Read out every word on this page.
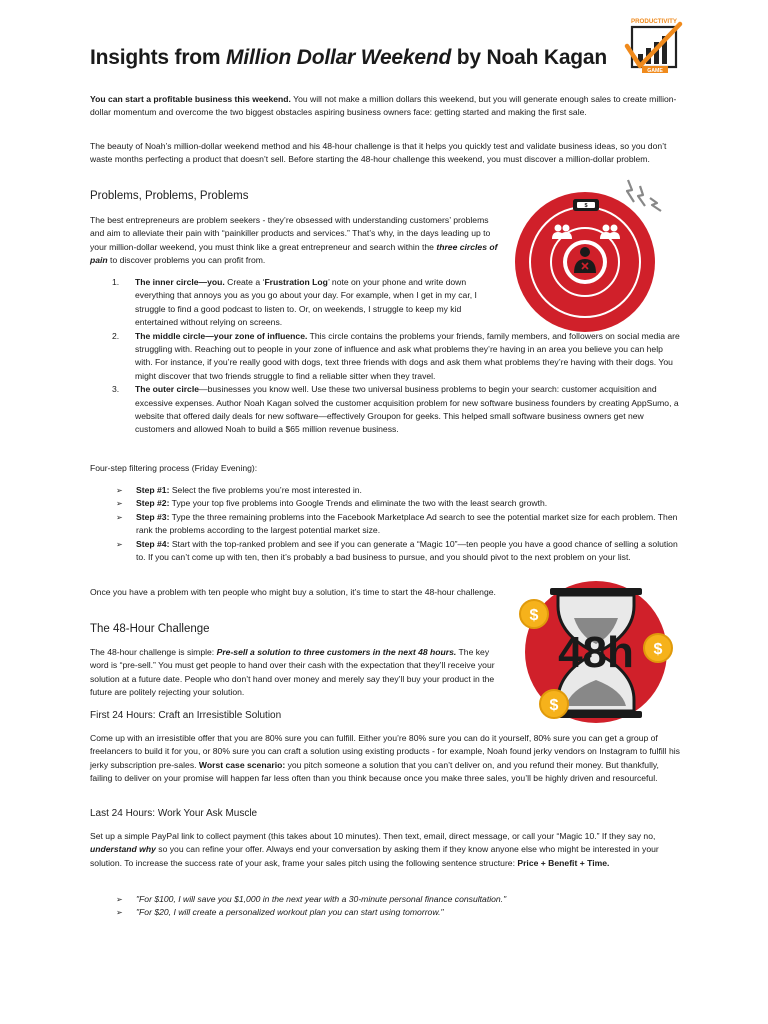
Insights from Million Dollar Weekend by Noah Kagan
PRODUCTIVITY
GAME
You can start a profitable business this weekend. You will not make a million dollars this weekend, but you will generate enough sales to create million-dollar momentum and overcome the two biggest obstacles aspiring business owners face: getting started and making the first sale.
The beauty of Noah’s million-dollar weekend method and his 48-hour challenge is that it helps you quickly test and validate business ideas, so you don’t waste months perfecting a product that doesn’t sell. Before starting the 48-hour challenge this weekend, you must discover a million-dollar problem.
Problems, Problems, Problems
The best entrepreneurs are problem seekers - they’re obsessed with understanding customers’ problems and aim to alleviate their pain with “painkiller products and services.” That’s why, in the days leading up to your million-dollar weekend, you must think like a great entrepreneur and search within the three circles of pain to discover problems you can profit from.
$
1. The inner circle—you. Create a ‘Frustration Log’ note on your phone and write down everything that annoys you as you go about your day. For example, when I get in my car, I struggle to find a good podcast to listen to. Or, on weekends, I struggle to keep my kid entertained without relying on screens.
2. The middle circle—your zone of influence. This circle contains the problems your friends, family members, and followers on social media are struggling with. Reaching out to people in your zone of influence and ask what problems they’re having in an area you believe you can help with. For instance, if you’re really good with dogs, text three friends with dogs and ask them what problems they’re having with their dogs. You might discover that two friends struggle to find a reliable sitter when they travel.
3. The outer circle—businesses you know well. Use these two universal business problems to begin your search: customer acquisition and excessive expenses. Author Noah Kagan solved the customer acquisition problem for new software business founders by creating AppSumo, a website that offered daily deals for new software—effectively Groupon for geeks. This helped small software business owners get new customers and allowed Noah to build a $65 million revenue business.
Four-step filtering process (Friday Evening):
➢ Step #1: Select the five problems you’re most interested in.
➢ Step #2: Type your top five problems into Google Trends and eliminate the two with the least search growth.
➢ Step #3: Type the three remaining problems into the Facebook Marketplace Ad search to see the potential market size for each problem. Then rank the problems according to the largest potential market size.
➢ Step #4: Start with the top-ranked problem and see if you can generate a “Magic 10”—ten people you have a good chance of selling a solution to. If you can’t come up with ten, then it’s probably a bad business to pursue, and you should pivot to the next problem on your list.
Once you have a problem with ten people who might buy a solution, it’s time to start the 48-hour challenge.
The 48-Hour Challenge
The 48-hour challenge is simple: Pre-sell a solution to three customers in the next 48 hours. The key word is “pre-sell.” You must get people to hand over their cash with the expectation that they’ll receive your solution at a future date. People who don’t hand over money and merely say they’ll buy your product in the future are politely rejecting your solution.
48h
$
$
$
First 24 Hours: Craft an Irresistible Solution
Come up with an irresistible offer that you are 80% sure you can fulfill. Either you’re 80% sure you can do it yourself, 80% sure you can get a group of freelancers to build it for you, or 80% sure you can craft a solution using existing products - for example, Noah found jerky vendors on Instagram to fulfill his jerky subscription pre-sales. Worst case scenario: you pitch someone a solution that you can’t deliver on, and you refund their money. But thankfully, failing to deliver on your promise will happen far less often than you think because once you make three sales, you’ll be highly driven and resourceful.
Last 24 Hours: Work Your Ask Muscle
Set up a simple PayPal link to collect payment (this takes about 10 minutes). Then text, email, direct message, or call your “Magic 10.” If they say no, understand why so you can refine your offer. Always end your conversation by asking them if they know anyone else who might be interested in your solution. To increase the success rate of your ask, frame your sales pitch using the following sentence structure: Price + Benefit + Time.
➢ "For $100, I will save you $1,000 in the next year with a 30-minute personal finance consultation."
➢ "For $20, I will create a personalized workout plan you can start using tomorrow."
